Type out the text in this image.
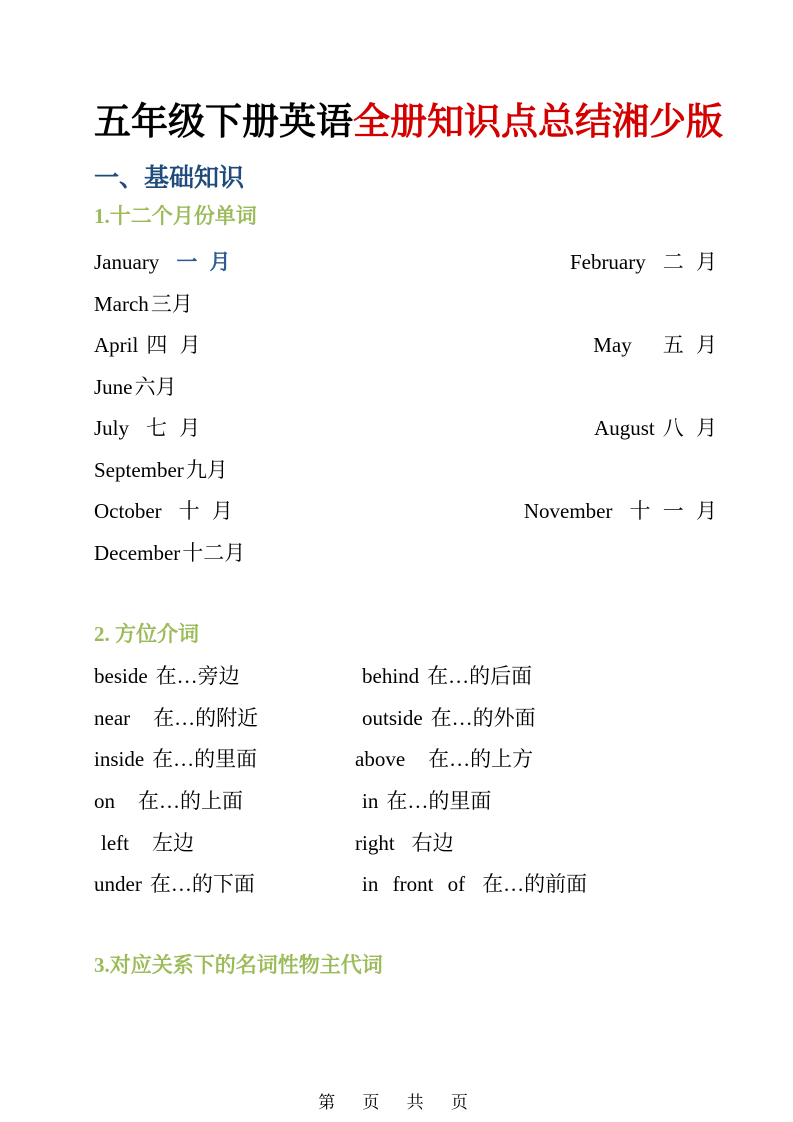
五年级下册英语全册知识点总结湘少版
一、基础知识
1.十二个月份单词
January 一 月	February 二 月
March三月
April 四 月	May 五 月
June六月
July 七 月	August 八 月
September九月
October 十 月	November 十 一 月
December十二月
2. 方位介词
beside 在…旁边	behind 在…的后面
near 在…的附近	outside 在…的外面
inside 在…的里面	above 在…的上方
on 在…的上面	in 在…的里面
left 左边	right 右边
under 在…的下面	in front of 在…的前面
3.对应关系下的名词性物主代词
第 页 共 页
